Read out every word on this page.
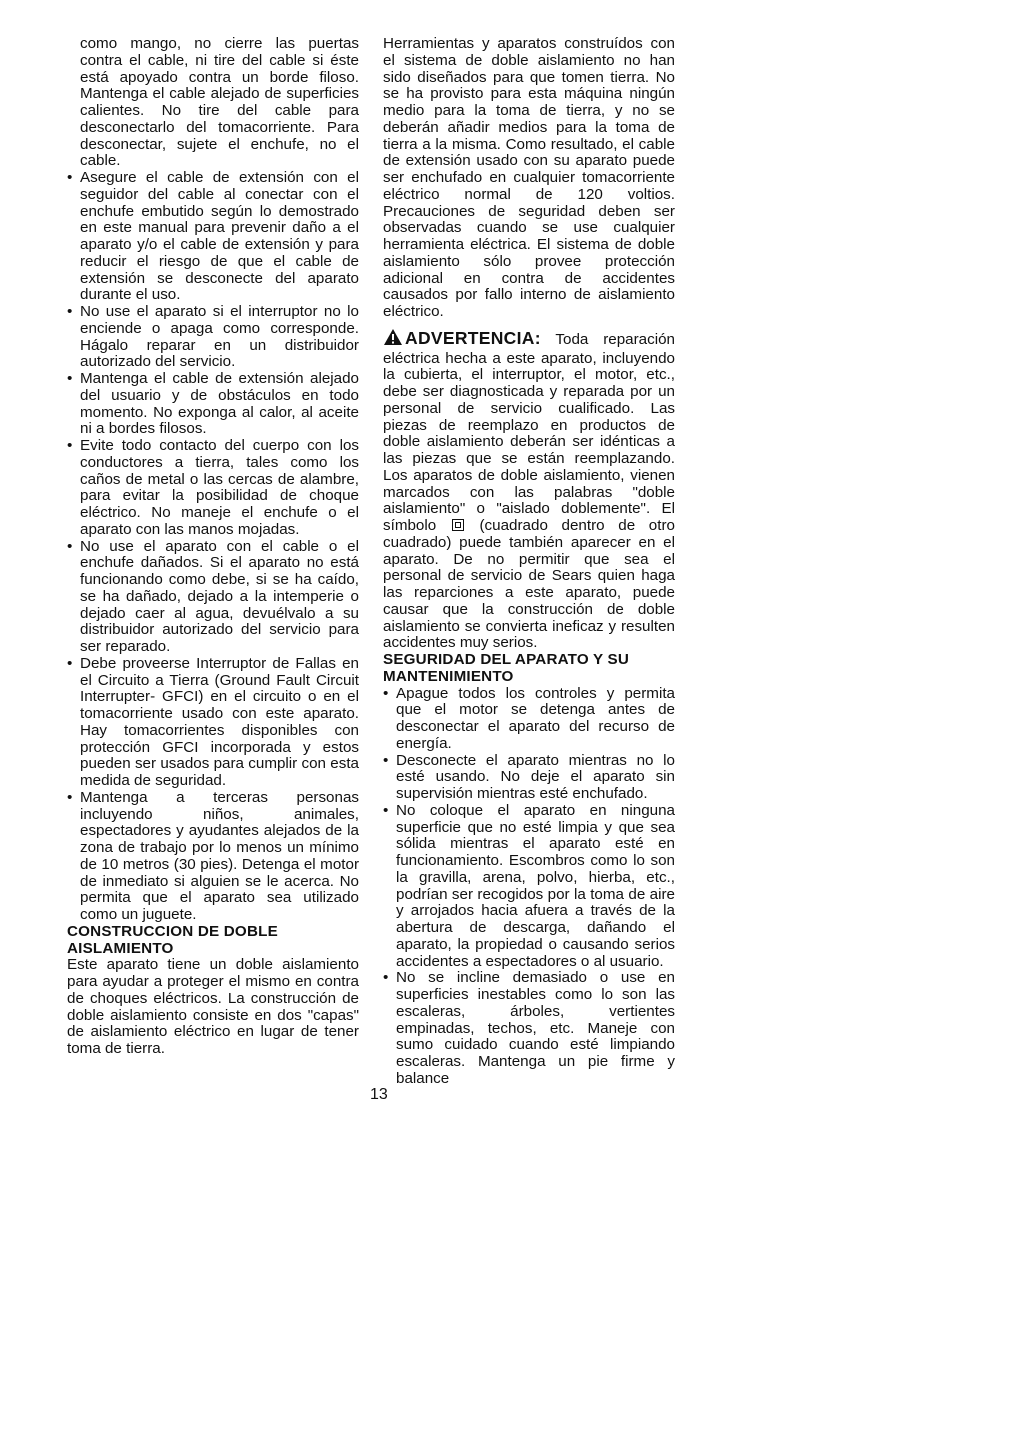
como mango, no cierre las puertas contra el cable, ni tire del cable si éste está apoyado contra un borde filoso. Mantenga el cable alejado de superficies calientes. No tire del cable para desconectarlo del tomacorriente. Para desconectar, sujete el enchufe, no el cable.

• Asegure el cable de extensión con el seguidor del cable al conectar con el enchufe embutido según lo demostrado en este manual para prevenir daño a el aparato y/o el cable de extensión y para reducir el riesgo de que el cable de extensión se desconecte del aparato durante el uso.
• No use el aparato si el interruptor no lo enciende o apaga como corresponde. Hágalo reparar en un distribuidor autorizado del servicio.
• Mantenga el cable de extensión alejado del usuario y de obstáculos en todo momento. No exponga al calor, al aceite ni a bordes filosos.
• Evite todo contacto del cuerpo con los conductores a tierra, tales como los caños de metal o las cercas de alambre, para evitar la posibilidad de choque eléctrico. No maneje el enchufe o el aparato con las manos mojadas.
• No use el aparato con el cable o el enchufe dañados. Si el aparato no está funcionando como debe, si se ha caído, se ha dañado, dejado a la intemperie o dejado caer al agua, devuélvalo a su distribuidor autorizado del servicio para ser reparado.
• Debe proveerse Interruptor de Fallas en el Circuito a Tierra (Ground Fault Circuit Interrupter- GFCI) en el circuito o en el tomacorriente usado con este aparato. Hay tomacorrientes disponibles con protección GFCI incorporada y estos pueden ser usados para cumplir con esta medida de seguridad.
• Mantenga a terceras personas incluyendo niños, animales, espectadores y ayudantes alejados de la zona de trabajo por lo menos un mínimo de 10 metros (30 pies). Detenga el motor de inmediato si alguien se le acerca. No permita que el aparato sea utilizado como un juguete.
CONSTRUCCION DE DOBLE AISLAMIENTO

Este aparato tiene un doble aislamiento para ayudar a proteger el mismo en contra de choques eléctricos. La construcción de doble aislamiento consiste en dos "capas" de aislamiento eléctrico en lugar de tener toma de tierra.

Herramientas y aparatos construídos con el sistema de doble aislamiento no han sido diseñados para que tomen tierra. No se ha provisto para esta máquina ningún medio para la toma de tierra, y no se deberán añadir medios para la toma de tierra a la misma. Como resultado, el cable de extensión usado con su aparato puede ser enchufado en cualquier tomacorriente eléctrico normal de 120 voltios. Precauciones de seguridad deben ser observadas cuando se use cualquier herramienta eléctrica. El sistema de doble aislamiento sólo provee protección adicional en contra de accidentes causados por fallo interno de aislamiento eléctrico.

ADVERTENCIA: Toda reparación eléctrica hecha a este aparato, incluyendo la cubierta, el interruptor, el motor, etc., debe ser diagnosticada y reparada por un personal de servicio cualificado. Las piezas de reemplazo en productos de doble aislamiento deberán ser idénticas a las piezas que se están reemplazando. Los aparatos de doble aislamiento, vienen marcados con las palabras "doble aislamiento" o "aislado doblemente". El símbolo	(cuadrado dentro de otro cuadrado) puede también aparecer en el aparato. De no permitir que sea el personal de servicio de Sears quien haga las reparciones a este aparato, puede causar que la construcción de doble aislamiento se convierta ineficaz y resulten accidentes muy serios.

SEGURIDAD DEL APARATO Y SU MANTENIMIENTO
• Apague todos los controles y permita que el motor se detenga antes de desconectar el aparato del recurso de energía.
• Desconecte el aparato mientras no lo esté usando. No deje el aparato sin supervisión mientras esté enchufado.
• No coloque el aparato en ninguna superficie que no esté limpia y que sea sólida mientras el aparato esté en funcionamiento. Escombros como lo son la gravilla, arena, polvo, hierba, etc., podrían ser recogidos por la toma de aire y arrojados hacia afuera a través de la abertura de descarga, dañando el aparato, la propiedad o causando serios accidentes a espectadores o al usuario.
• No se incline demasiado o use en superficies inestables como lo son las escaleras, árboles, vertientes empinadas, techos, etc. Maneje con sumo cuidado cuando esté limpiando escaleras. Mantenga un pie firme y balance
13
